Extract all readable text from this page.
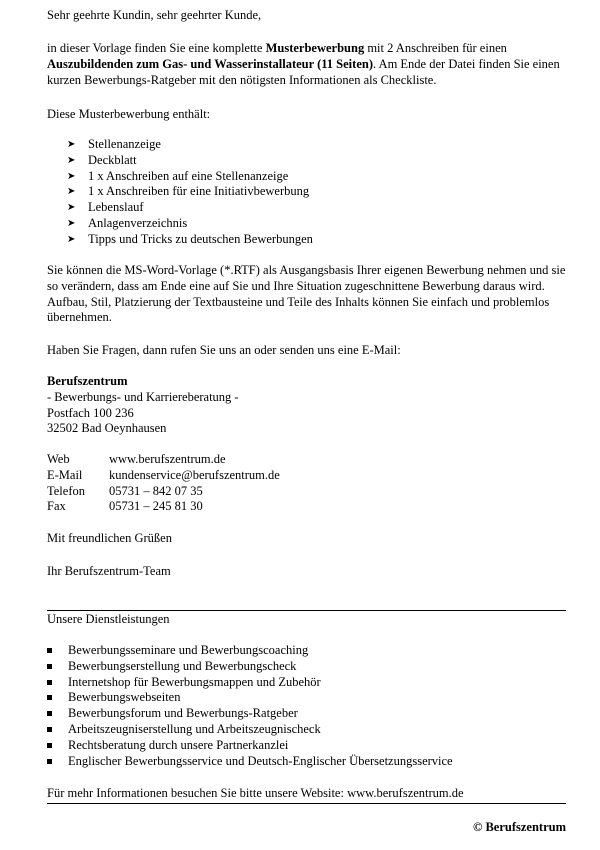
Sehr geehrte Kundin, sehr geehrter Kunde,

in dieser Vorlage finden Sie eine komplette Musterbewerbung mit 2 Anschreiben für einen Auszubildenden zum Gas- und Wasserinstallateur (11 Seiten). Am Ende der Datei finden Sie einen kurzen Bewerbungs-Ratgeber mit den nötigsten Informationen als Checkliste.

Diese Musterbewerbung enthält:

➤ Stellenanzeige
➤ Deckblatt
➤ 1 x Anschreiben auf eine Stellenanzeige
➤ 1 x Anschreiben für eine Initiativbewerbung
➤ Lebenslauf
➤ Anlagenverzeichnis
➤ Tipps und Tricks zu deutschen Bewerbungen

Sie können die MS-Word-Vorlage (*.RTF) als Ausgangsbasis Ihrer eigenen Bewerbung nehmen und sie so verändern, dass am Ende eine auf Sie und Ihre Situation zugeschnittene Bewerbung daraus wird. Aufbau, Stil, Platzierung der Textbausteine und Teile des Inhalts können Sie einfach und problemlos übernehmen.

Haben Sie Fragen, dann rufen Sie uns an oder senden uns eine E-Mail:

Berufszentrum
- Bewerbungs- und Karriereberatung -
Postfach 100 236
32502 Bad Oeynhausen
Web	www.berufszentrum.de
E-Mail	kundenservice@berufszentrum.de
Telefon	05731 – 842 07 35
Fax	05731 – 245 81 30

Mit freundlichen Grüßen

Ihr Berufszentrum-Team

Unsere Dienstleistungen

Bewerbungsseminare und Bewerbungscoaching
Bewerbungserstellung und Bewerbungscheck
Internetshop für Bewerbungsmappen und Zubehör
Bewerbungswebseiten
Bewerbungsforum und Bewerbungs-Ratgeber
Arbeitszeugniserstellung und Arbeitszeugnischeck
Rechtsberatung durch unsere Partnerkanzlei
Englischer Bewerbungsservice und Deutsch-Englischer Übersetzungsservice

Für mehr Informationen besuchen Sie bitte unsere Website: www.berufszentrum.de

© Berufszentrum
